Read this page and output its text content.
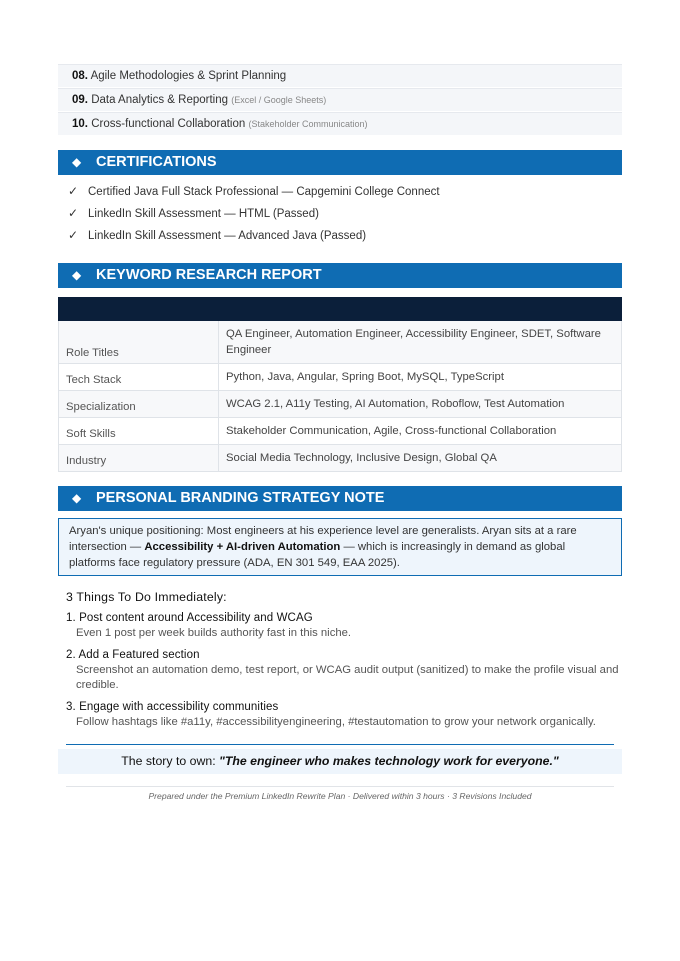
08. Agile Methodologies & Sprint Planning
09. Data Analytics & Reporting (Excel / Google Sheets)
10. Cross-functional Collaboration (Stakeholder Communication)
◆ CERTIFICATIONS
✓ Certified Java Full Stack Professional — Capgemini College Connect
✓ LinkedIn Skill Assessment — HTML (Passed)
✓ LinkedIn Skill Assessment — Advanced Java (Passed)
◆ KEYWORD RESEARCH REPORT

Role Titles	QA Engineer, Automation Engineer, Accessibility Engineer, SDET, Software Engineer
Tech Stack	Python, Java, Angular, Spring Boot, MySQL, TypeScript
Specialization	WCAG 2.1, A11y Testing, AI Automation, Roboflow, Test Automation
Soft Skills	Stakeholder Communication, Agile, Cross-functional Collaboration
Industry	Social Media Technology, Inclusive Design, Global QA
◆ PERSONAL BRANDING STRATEGY NOTE
Aryan's unique positioning: Most engineers at his experience level are generalists. Aryan sits at a rare intersection — Accessibility + AI-driven Automation — which is increasingly in demand as global platforms face regulatory pressure (ADA, EN 301 549, EAA 2025).
3 Things To Do Immediately:
1. Post content around Accessibility and WCAG
Even 1 post per week builds authority fast in this niche.
2. Add a Featured section
Screenshot an automation demo, test report, or WCAG audit output (sanitized) to make the profile visual and credible.
3. Engage with accessibility communities
Follow hashtags like #a11y, #accessibilityengineering, #testautomation to grow your network organically.
The story to own: "The engineer who makes technology work for everyone."
Prepared under the Premium LinkedIn Rewrite Plan · Delivered within 3 hours · 3 Revisions Included
